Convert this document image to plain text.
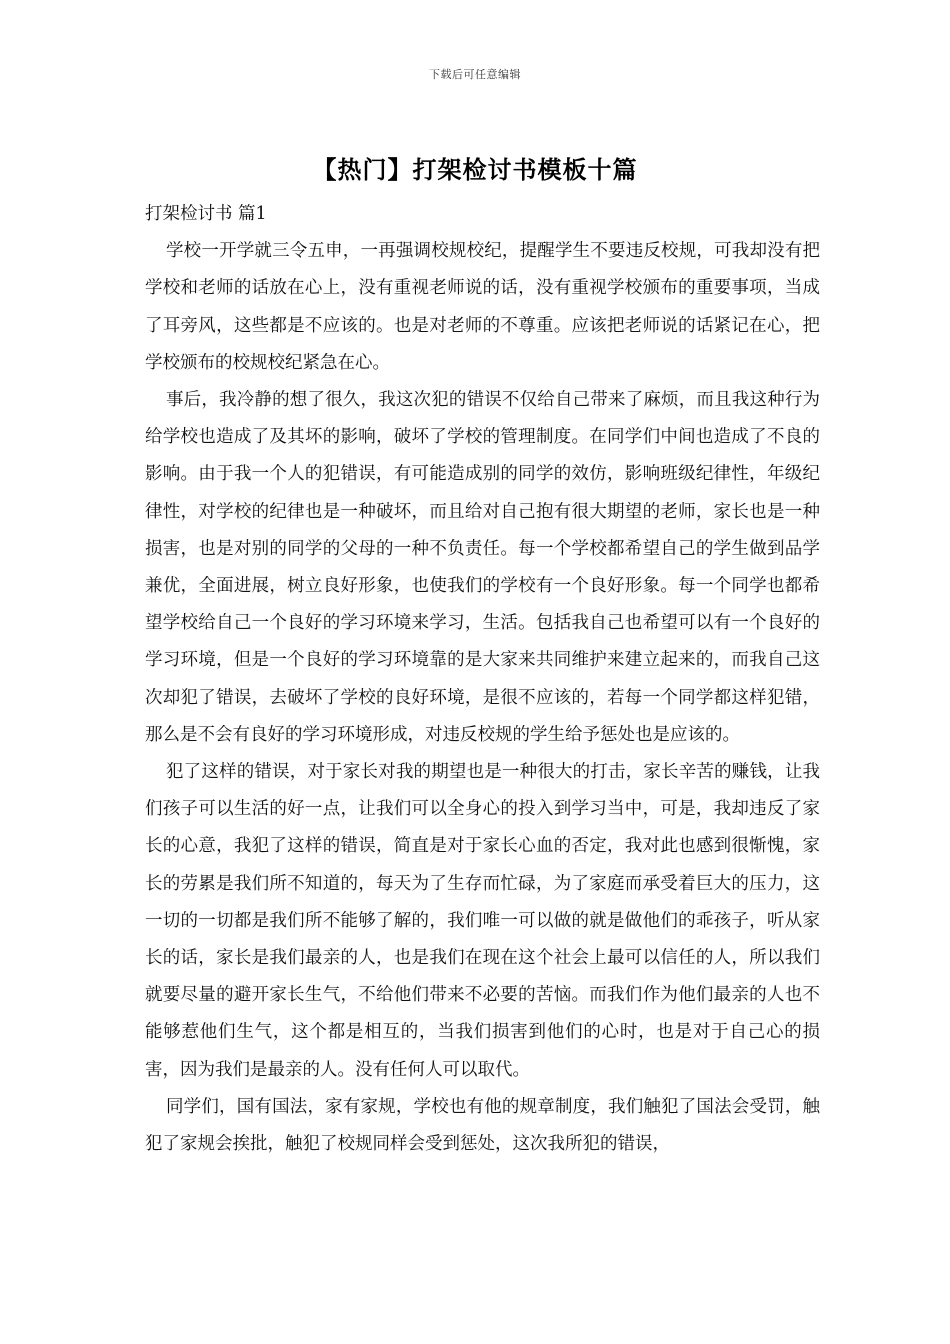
下载后可任意编辑
【热门】打架检讨书模板十篇

打架检讨书 篇1

学校一开学就三令五申，一再强调校规校纪，提醒学生不要违反校规，可我却没有把学校和老师的话放在心上，没有重视老师说的话，没有重视学校颁布的重要事项，当成了耳旁风，这些都是不应该的。也是对老师的不尊重。应该把老师说的话紧记在心，把学校颁布的校规校纪紧急在心。

事后，我冷静的想了很久，我这次犯的错误不仅给自己带来了麻烦，而且我这种行为给学校也造成了及其坏的影响，破坏了学校的管理制度。在同学们中间也造成了不良的影响。由于我一个人的犯错误，有可能造成别的同学的效仿，影响班级纪律性，年级纪律性，对学校的纪律也是一种破坏，而且给对自己抱有很大期望的老师，家长也是一种损害，也是对别的同学的父母的一种不负责任。每一个学校都希望自己的学生做到品学兼优，全面进展，树立良好形象，也使我们的学校有一个良好形象。每一个同学也都希望学校给自己一个良好的学习环境来学习，生活。包括我自己也希望可以有一个良好的学习环境，但是一个良好的学习环境靠的是大家来共同维护来建立起来的，而我自己这次却犯了错误，去破坏了学校的良好环境，是很不应该的，若每一个同学都这样犯错，那么是不会有良好的学习环境形成，对违反校规的学生给予惩处也是应该的。

犯了这样的错误，对于家长对我的期望也是一种很大的打击，家长辛苦的赚钱，让我们孩子可以生活的好一点，让我们可以全身心的投入到学习当中，可是，我却违反了家长的心意，我犯了这样的错误，简直是对于家长心血的否定，我对此也感到很惭愧，家长的劳累是我们所不知道的，每天为了生存而忙碌，为了家庭而承受着巨大的压力，这一切的一切都是我们所不能够了解的，我们唯一可以做的就是做他们的乖孩子，听从家长的话，家长是我们最亲的人，也是我们在现在这个社会上最可以信任的人，所以我们就要尽量的避开家长生气，不给他们带来不必要的苦恼。而我们作为他们最亲的人也不能够惹他们生气，这个都是相互的，当我们损害到他们的心时，也是对于自己心的损害，因为我们是最亲的人。没有任何人可以取代。

同学们，国有国法，家有家规，学校也有他的规章制度，我们触犯了国法会受罚，触犯了家规会挨批，触犯了校规同样会受到惩处，这次我所犯的错误，
